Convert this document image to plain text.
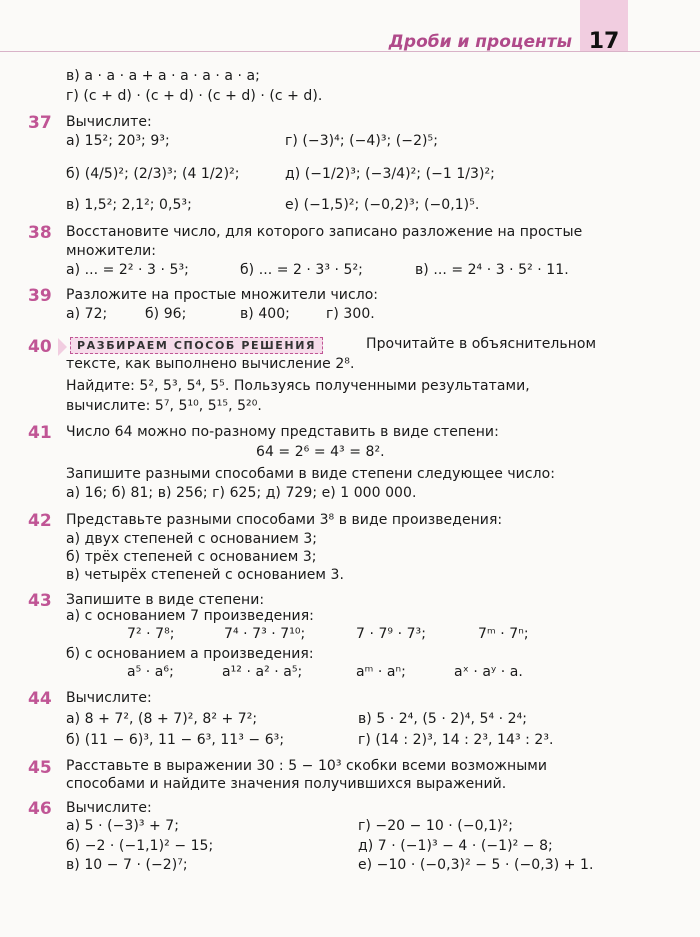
Дроби и проценты 17
в) a · a · a + a · a · a · a · a;
г) (c + d) · (c + d) · (c + d) · (c + d).
37 Вычислите:
а) 15²; 20³; 9³;	г) (−3)⁴; (−4)³; (−2)⁵;
б) (4/5)²; (2/3)³; (4 1/2)²;	д) (−1/2)³; (−3/4)²; (−1 1/3)²;
в) 1,5²; 2,1²; 0,5³;	е) (−1,5)²; (−0,2)³; (−0,1)⁵.
38 Восстановите число, для которого записано разложение на простые
множители:
а) ... = 2² · 3 · 5³;	б) ... = 2 · 3³ · 5²;	в) ... = 2⁴ · 3 · 5² · 11.
39 Разложите на простые множители число:
а) 72;	б) 96;	в) 400;	г) 300.
40	РАЗБИРАЕМ СПОСОБ РЕШЕНИЯ	Прочитайте в объяснительном
тексте, как выполнено вычисление 2⁸.
Найдите: 5², 5³, 5⁴, 5⁵. Пользуясь полученными результатами,
вычислите: 5⁷, 5¹⁰, 5¹⁵, 5²⁰.
41 Число 64 можно по-разному представить в виде степени:
64 = 2⁶ = 4³ = 8².
Запишите разными способами в виде степени следующее число:
а) 16; б) 81; в) 256; г) 625; д) 729; е) 1 000 000.
42 Представьте разными способами 3⁸ в виде произведения:
а) двух степеней с основанием 3;
б) трёх степеней с основанием 3;
в) четырёх степеней с основанием 3.
43 Запишите в виде степени:
а) с основанием 7 произведения:
7² · 7⁸;	7⁴ · 7³ · 7¹⁰;	7 · 7⁹ · 7³;	7ᵐ · 7ⁿ;
б) с основанием a произведения:
a⁵ · a⁶;	a¹² · a² · a⁵;	aᵐ · aⁿ;	aˣ · aʸ · a.
44 Вычислите:
а) 8 + 7², (8 + 7)², 8² + 7²;	в) 5 · 2⁴, (5 · 2)⁴, 5⁴ · 2⁴;
б) (11 − 6)³, 11 − 6³, 11³ − 6³;	г) (14 : 2)³, 14 : 2³, 14³ : 2³.
45 Расставьте в выражении 30 : 5 − 10³ скобки всеми возможными
способами и найдите значения получившихся выражений.
46 Вычислите:
а) 5 · (−3)³ + 7;	г) −20 − 10 · (−0,1)²;
б) −2 · (−1,1)² − 15;	д) 7 · (−1)³ − 4 · (−1)² − 8;
в) 10 − 7 · (−2)⁷;	е) −10 · (−0,3)² − 5 · (−0,3) + 1.
